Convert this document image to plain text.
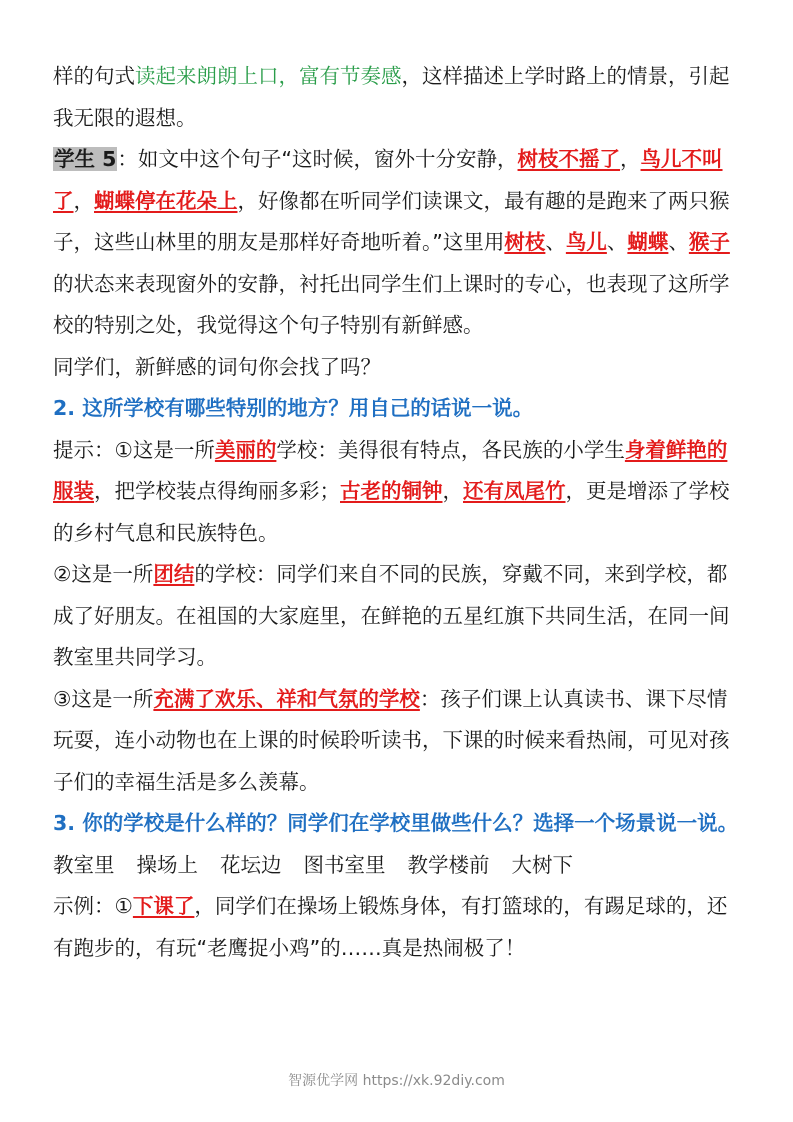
样的句式读起来朗朗上口，富有节奏感，这样描述上学时路上的情景，引起我无限的遐想。

学生 5：如文中这个句子“这时候，窗外十分安静，树枝不摇了，鸟儿不叫了，蝴蝶停在花朵上，好像都在听同学们读课文，最有趣的是跑来了两只猴子，这些山林里的朋友是那样好奇地听着。”这里用树枝、鸟儿、蝴蝶、猴子的状态来表现窗外的安静，衬托出同学生们上课时的专心，也表现了这所学校的特别之处，我觉得这个句子特别有新鲜感。

同学们，新鲜感的词句你会找了吗？

2. 这所学校有哪些特别的地方？用自己的话说一说。

提示：①这是一所美丽的学校：美得很有特点，各民族的小学生身着鲜艳的服装，把学校装点得绚丽多彩；古老的铜钟，还有凤尾竹，更是增添了学校的乡村气息和民族特色。

②这是一所团结的学校：同学们来自不同的民族，穿戴不同，来到学校，都成了好朋友。在祖国的大家庭里，在鲜艳的五星红旗下共同生活，在同一间教室里共同学习。

③这是一所充满了欢乐、祥和气氛的学校：孩子们课上认真读书、课下尽情玩耍，连小动物也在上课的时候聆听读书，下课的时候来看热闹，可见对孩子们的幸福生活是多么羡幕。

3. 你的学校是什么样的？同学们在学校里做些什么？选择一个场景说一说。

教室里 操场上 花坛边 图书室里 教学楼前 大树下

示例：①下课了，同学们在操场上锻炼身体，有打篮球的，有踢足球的，还有跑步的，有玩“老鹰捉小鸡”的……真是热闹极了！

智源优学网 https://xk.92diy.com
